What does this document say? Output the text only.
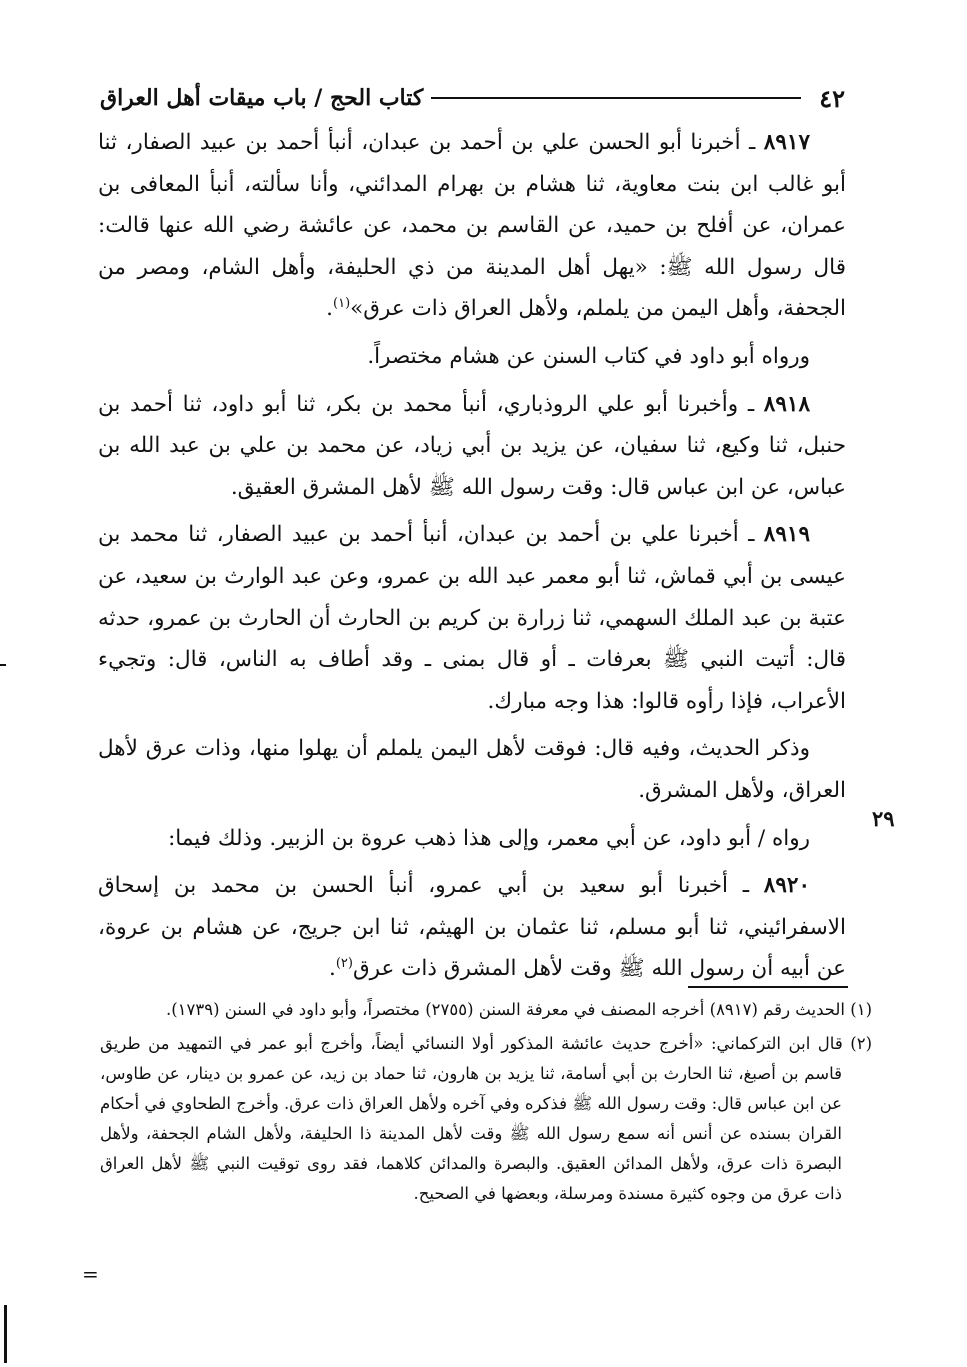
٤٢
كتاب الحج / باب ميقات أهل العراق
٢٩

٨٩١٧ ـ أخبرنا أبو الحسن علي بن أحمد بن عبدان، أنبأ أحمد بن عبيد الصفار، ثنا أبو غالب ابن بنت معاوية، ثنا هشام بن بهرام المدائني، وأنا سألته، أنبأ المعافى بن عمران، عن أفلح بن حميد، عن القاسم بن محمد، عن عائشة رضي الله عنها قالت: قال رسول الله ﷺ: «يهل أهل المدينة من ذي الحليفة، وأهل الشام، ومصر من الجحفة، وأهل اليمن من يلملم، ولأهل العراق ذات عرق»$^{(١)}$.

ورواه أبو داود في كتاب السنن عن هشام مختصراً.

٨٩١٨ ـ وأخبرنا أبو علي الروذباري، أنبأ محمد بن بكر، ثنا أبو داود، ثنا أحمد بن حنبل، ثنا وكيع، ثنا سفيان، عن يزيد بن أبي زياد، عن محمد بن علي بن عبد الله بن عباس، عن ابن عباس قال: وقت رسول الله ﷺ لأهل المشرق العقيق.

٨٩١٩ ـ أخبرنا علي بن أحمد بن عبدان، أنبأ أحمد بن عبيد الصفار، ثنا محمد بن عيسى بن أبي قماش، ثنا أبو معمر عبد الله بن عمرو، وعن عبد الوارث بن سعيد، عن عتبة بن عبد الملك السهمي، ثنا زرارة بن كريم بن الحارث أن الحارث بن عمرو، حدثه قال: أتيت النبي ﷺ بعرفات ـ أو قال بمنى ـ وقد أطاف به الناس، قال: وتجيء الأعراب، فإذا رأوه قالوا: هذا وجه مبارك.

وذكر الحديث، وفيه قال: فوقت لأهل اليمن يلملم أن يهلوا منها، وذات عرق لأهل العراق، ولأهل المشرق.

رواه / أبو داود، عن أبي معمر، وإلى هذا ذهب عروة بن الزبير. وذلك فيما:

٨٩٢٠ ـ أخبرنا أبو سعيد بن أبي عمرو، أنبأ الحسن بن محمد بن إسحاق الاسفرائيني، ثنا أبو مسلم، ثنا عثمان بن الهيثم، ثنا ابن جريج، عن هشام بن عروة، عن أبيه أن رسول الله ﷺ وقت لأهل المشرق ذات عرق$^{(٢)}$.

(١) الحديث رقم (٨٩١٧) أخرجه المصنف في معرفة السنن (٢٧٥٥) مختصراً، وأبو داود في السنن (١٧٣٩).

(٢) قال ابن التركماني: «أخرج حديث عائشة المذكور أولا النسائي أيضاً، وأخرج أبو عمر في التمهيد من طريق قاسم بن أصبغ، ثنا الحارث بن أبي أسامة، ثنا يزيد بن هارون، ثنا حماد بن زيد، عن عمرو بن دينار، عن طاوس، عن ابن عباس قال: وقت رسول الله ﷺ فذكره وفي آخره ولأهل العراق ذات عرق. وأخرج الطحاوي في أحكام القران بسنده عن أنس أنه سمع رسول الله ﷺ وقت لأهل المدينة ذا الحليفة، ولأهل الشام الجحفة، ولأهل البصرة ذات عرق، ولأهل المدائن العقيق. والبصرة والمدائن كلاهما، فقد روى توقيت النبي ﷺ لأهل العراق ذات عرق من وجوه كثيرة مسندة ومرسلة، وبعضها في الصحيح.

=
